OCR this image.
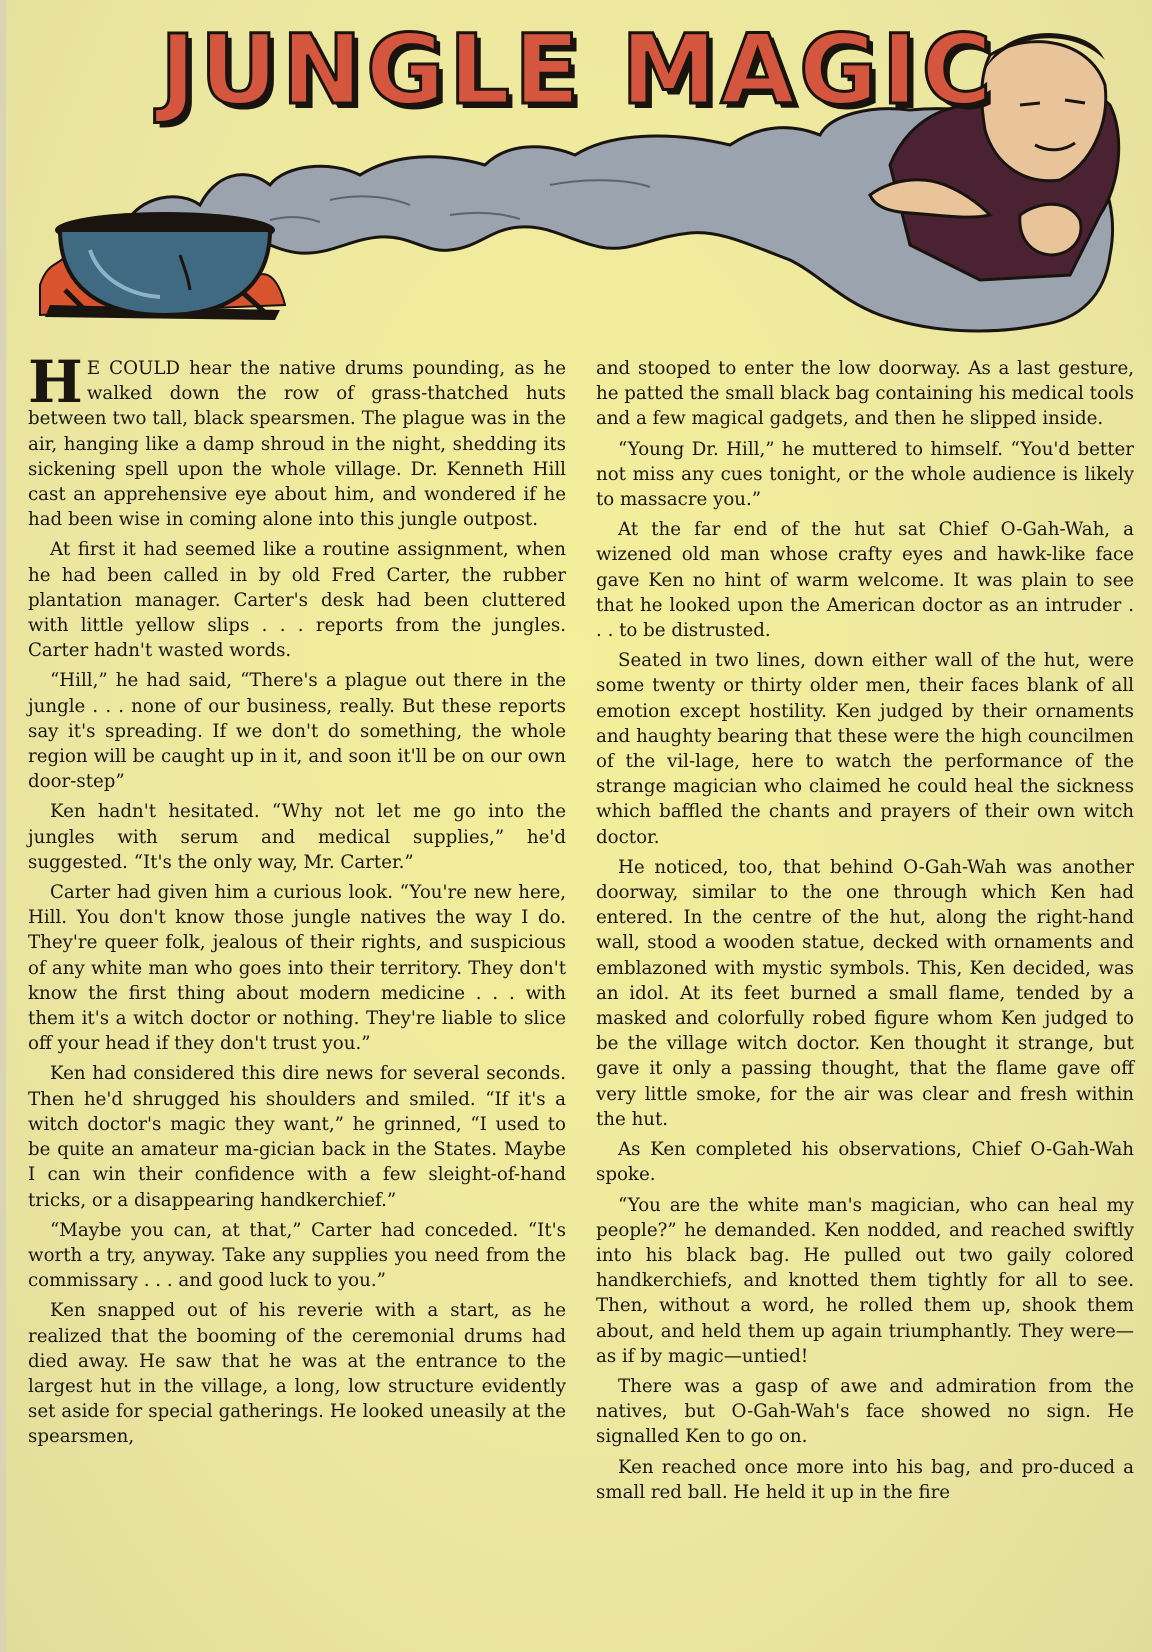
JUNGLE MAGIC

H E COULD hear the native drums pounding, as he walked down the row of grass-thatched huts between two tall, black spearsmen. The plague was in the air, hanging like a damp shroud in the night, shedding its sickening spell upon the whole village. Dr. Kenneth Hill cast an apprehensive eye about him, and wondered if he had been wise in coming alone into this jungle outpost.

At first it had seemed like a routine assignment, when he had been called in by old Fred Carter, the rubber plantation manager. Carter's desk had been cluttered with little yellow slips . . . reports from the jungles. Carter hadn't wasted words.

“Hill,” he had said, “There's a plague out there in the jungle . . . none of our business, really. But these reports say it's spreading. If we don't do something, the whole region will be caught up in it, and soon it'll be on our own door-step”

Ken hadn't hesitated. “Why not let me go into the jungles with serum and medical supplies,” he'd suggested. “It's the only way, Mr. Carter.”

Carter had given him a curious look. “You're new here, Hill. You don't know those jungle natives the way I do. They're queer folk, jealous of their rights, and suspicious of any white man who goes into their territory. They don't know the first thing about modern medicine . . . with them it's a witch doctor or nothing. They're liable to slice off your head if they don't trust you.”

Ken had considered this dire news for several seconds. Then he'd shrugged his shoulders and smiled. “If it's a witch doctor's magic they want,” he grinned, “I used to be quite an amateur ma-gician back in the States. Maybe I can win their confidence with a few sleight-of-hand tricks, or a disappearing handkerchief.”

“Maybe you can, at that,” Carter had conceded. “It's worth a try, anyway. Take any supplies you need from the commissary . . . and good luck to you.”

Ken snapped out of his reverie with a start, as he realized that the booming of the ceremonial drums had died away. He saw that he was at the entrance to the largest hut in the village, a long, low structure evidently set aside for special gatherings. He looked uneasily at the spearsmen,

and stooped to enter the low doorway. As a last gesture, he patted the small black bag containing his medical tools and a few magical gadgets, and then he slipped inside.

“Young Dr. Hill,” he muttered to himself. “You'd better not miss any cues tonight, or the whole audience is likely to massacre you.”

At the far end of the hut sat Chief O-Gah-Wah, a wizened old man whose crafty eyes and hawk-like face gave Ken no hint of warm welcome. It was plain to see that he looked upon the American doctor as an intruder . . . to be distrusted.

Seated in two lines, down either wall of the hut, were some twenty or thirty older men, their faces blank of all emotion except hostility. Ken judged by their ornaments and haughty bearing that these were the high councilmen of the vil-lage, here to watch the performance of the strange magician who claimed he could heal the sickness which baffled the chants and prayers of their own witch doctor.

He noticed, too, that behind O-Gah-Wah was another doorway, similar to the one through which Ken had entered. In the centre of the hut, along the right-hand wall, stood a wooden statue, decked with ornaments and emblazoned with mystic symbols. This, Ken decided, was an idol. At its feet burned a small flame, tended by a masked and colorfully robed figure whom Ken judged to be the village witch doctor. Ken thought it strange, but gave it only a passing thought, that the flame gave off very little smoke, for the air was clear and fresh within the hut.

As Ken completed his observations, Chief O-Gah-Wah spoke.

“You are the white man's magician, who can heal my people?” he demanded. Ken nodded, and reached swiftly into his black bag. He pulled out two gaily colored handkerchiefs, and knotted them tightly for all to see. Then, without a word, he rolled them up, shook them about, and held them up again triumphantly. They were—as if by magic—untied!

There was a gasp of awe and admiration from the natives, but O-Gah-Wah's face showed no sign. He signalled Ken to go on.

Ken reached once more into his bag, and pro-duced a small red ball. He held it up in the fire
